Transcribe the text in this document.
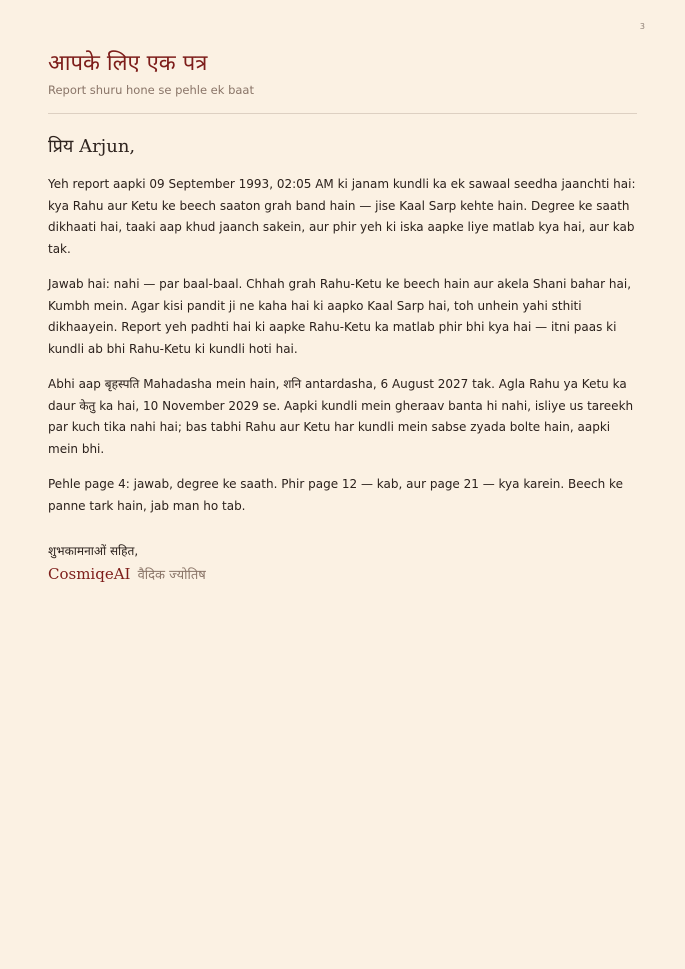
3
आपके लिए एक पत्र
Report shuru hone se pehle ek baat
प्रिय Arjun,

Yeh report aapki 09 September 1993, 02:05 AM ki janam kundli ka ek sawaal seedha jaanchti hai: kya Rahu aur Ketu ke beech saaton grah band hain — jise Kaal Sarp kehte hain. Degree ke saath dikhaati hai, taaki aap khud jaanch sakein, aur phir yeh ki iska aapke liye matlab kya hai, aur kab tak.

Jawab hai: nahi — par baal-baal. Chhah grah Rahu-Ketu ke beech hain aur akela Shani bahar hai, Kumbh mein. Agar kisi pandit ji ne kaha hai ki aapko Kaal Sarp hai, toh unhein yahi sthiti dikhaayein. Report yeh padhti hai ki aapke Rahu-Ketu ka matlab phir bhi kya hai — itni paas ki kundli ab bhi Rahu-Ketu ki kundli hoti hai.

Abhi aap बृहस्पति Mahadasha mein hain, शनि antardasha, 6 August 2027 tak. Agla Rahu ya Ketu ka daur केतु ka hai, 10 November 2029 se. Aapki kundli mein gheraav banta hi nahi, isliye us tareekh par kuch tika nahi hai; bas tabhi Rahu aur Ketu har kundli mein sabse zyada bolte hain, aapki mein bhi.

Pehle page 4: jawab, degree ke saath. Phir page 12 — kab, aur page 21 — kya karein. Beech ke panne tark hain, jab man ho tab.

शुभकामनाओं सहित,
CosmiqeAI वैदिक ज्योतिष
